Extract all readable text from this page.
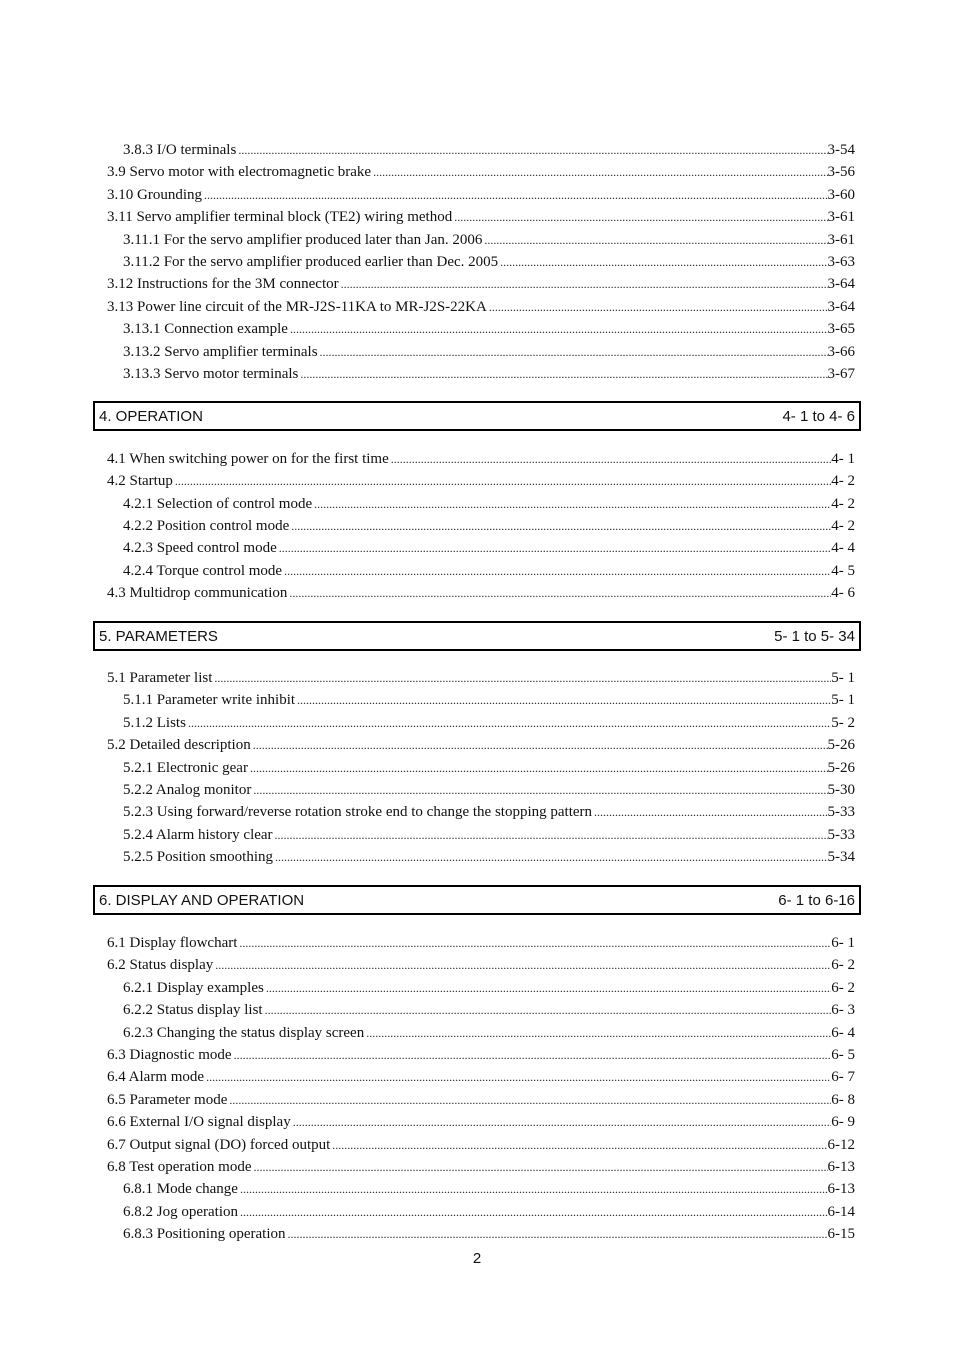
3.8.3 I/O terminals .....	3-54
3.9 Servo motor with electromagnetic brake .....	3-56
3.10 Grounding .....	3-60
3.11 Servo amplifier terminal block (TE2) wiring method .....	3-61
3.11.1 For the servo amplifier produced later than Jan. 2006 .....	3-61
3.11.2 For the servo amplifier produced earlier than Dec. 2005 .....	3-63
3.12 Instructions for the 3M connector .....	3-64
3.13 Power line circuit of the MR-J2S-11KA to MR-J2S-22KA .....	3-64
3.13.1 Connection example .....	3-65
3.13.2 Servo amplifier terminals .....	3-66
3.13.3 Servo motor terminals .....	3-67
4. OPERATION	4- 1 to 4- 6
4.1 When switching power on for the first time .....	4- 1
4.2 Startup .....	4- 2
4.2.1 Selection of control mode .....	4- 2
4.2.2 Position control mode .....	4- 2
4.2.3 Speed control mode .....	4- 4
4.2.4 Torque control mode .....	4- 5
4.3 Multidrop communication .....	4- 6
5. PARAMETERS	5- 1 to 5- 34
5.1 Parameter list .....	5- 1
5.1.1 Parameter write inhibit .....	5- 1
5.1.2 Lists .....	5- 2
5.2 Detailed description .....	5-26
5.2.1 Electronic gear .....	5-26
5.2.2 Analog monitor .....	5-30
5.2.3 Using forward/reverse rotation stroke end to change the stopping pattern .....	5-33
5.2.4 Alarm history clear .....	5-33
5.2.5 Position smoothing .....	5-34
6. DISPLAY AND OPERATION	6- 1 to 6-16
6.1 Display flowchart .....	6- 1
6.2 Status display .....	6- 2
6.2.1 Display examples .....	6- 2
6.2.2 Status display list .....	6- 3
6.2.3 Changing the status display screen .....	6- 4
6.3 Diagnostic mode .....	6- 5
6.4 Alarm mode .....	6- 7
6.5 Parameter mode .....	6- 8
6.6 External I/O signal display .....	6- 9
6.7 Output signal (DO) forced output .....	6-12
6.8 Test operation mode .....	6-13
6.8.1 Mode change .....	6-13
6.8.2 Jog operation .....	6-14
6.8.3 Positioning operation .....	6-15
2
